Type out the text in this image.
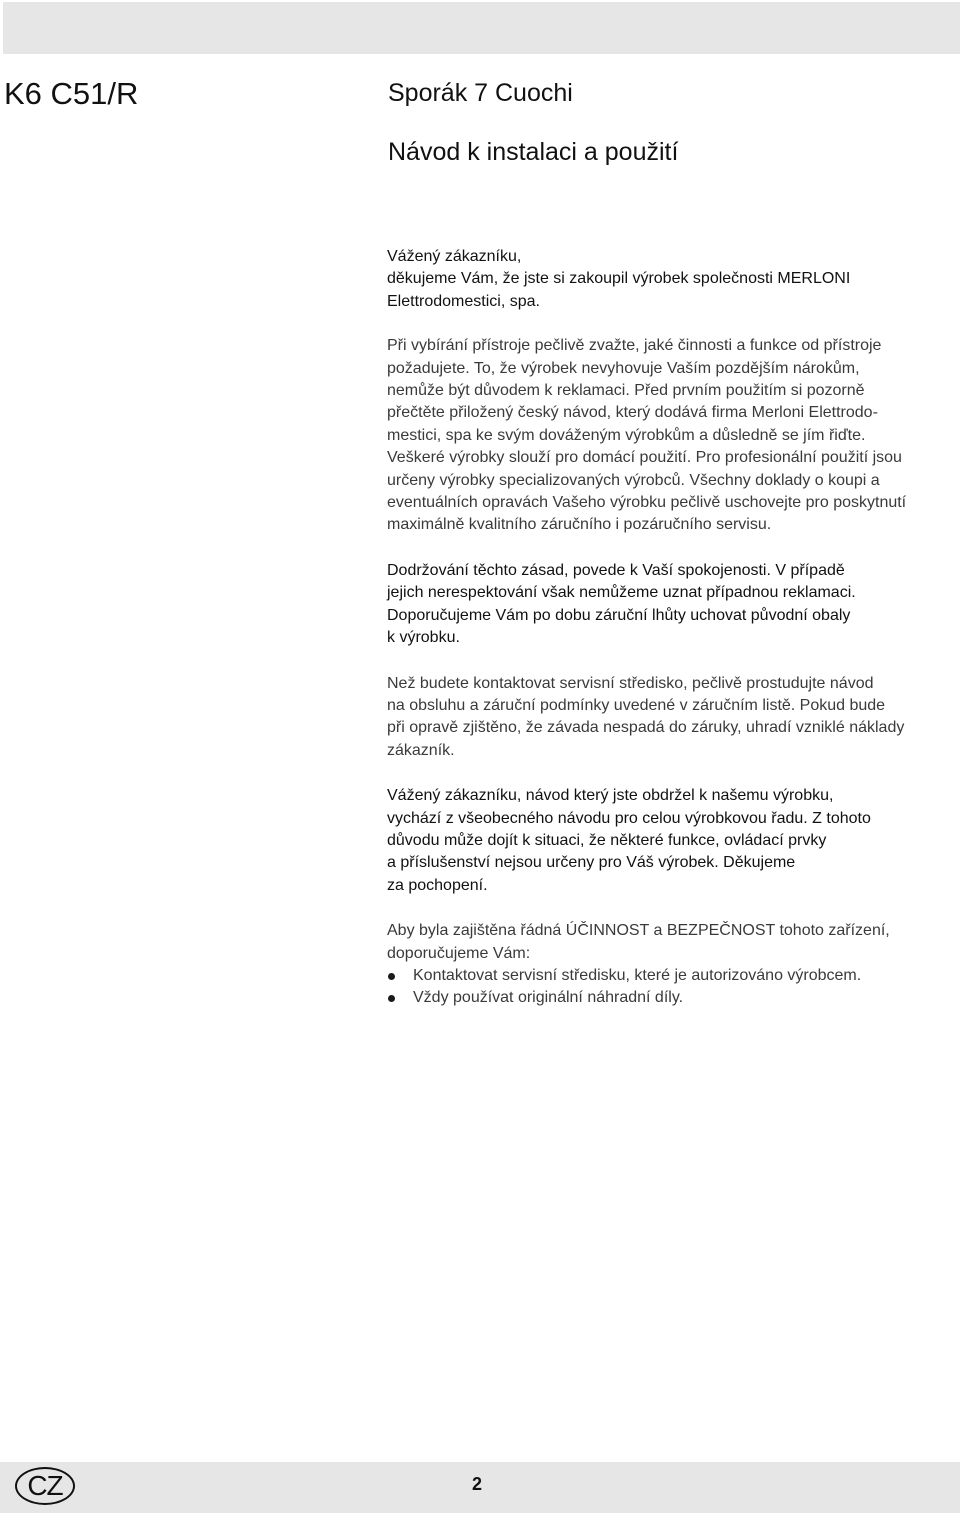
K6 C51/R	Sporák 7 Cuochi
Návod k instalaci a použití

Vážený zákazníku,
děkujeme Vám, že jste si zakoupil výrobek společnosti MERLONI
Elettrodomestici, spa.

Při vybírání přístroje pečlivě zvažte, jaké činnosti a funkce od přístroje
požadujete. To, že výrobek nevyhovuje Vaším pozdějším nárokům,
nemůže být důvodem k reklamaci. Před prvním použitím si pozorně
přečtěte přiložený český návod, který dodává firma Merloni Elettrodo-
mestici, spa ke svým dováženým výrobkům a důsledně se jím řiďte.
Veškeré výrobky slouží pro domácí použití. Pro profesionální použití jsou
určeny výrobky specializovaných výrobců. Všechny doklady o koupi a
eventuálních opravách Vašeho výrobku pečlivě uschovejte pro poskytnutí
maximálně kvalitního záručního i pozáručního servisu.

Dodržování těchto zásad, povede k Vaší spokojenosti. V případě
jejich nerespektování však nemůžeme uznat případnou reklamaci.
Doporučujeme Vám po dobu záruční lhůty uchovat původní obaly
k výrobku.

Než budete kontaktovat servisní středisko, pečlivě prostudujte návod
na obsluhu a záruční podmínky uvedené v záručním listě. Pokud bude
při opravě zjištěno, že závada nespadá do záruky, uhradí vzniklé náklady
zákazník.

Vážený zákazníku, návod který jste obdržel k našemu výrobku,
vychází z všeobecného návodu pro celou výrobkovou řadu. Z tohoto
důvodu může dojít k situaci, že některé funkce, ovládací prvky
a příslušenství nejsou určeny pro Váš výrobek. Děkujeme
za pochopení.

Aby byla zajištěna řádná ÚČINNOST a BEZPEČNOST tohoto zařízení,
doporučujeme Vám:

Kontaktovat servisní středisku, které je autorizováno výrobcem.
Vždy používat originální náhradní díly.
CZ	2
